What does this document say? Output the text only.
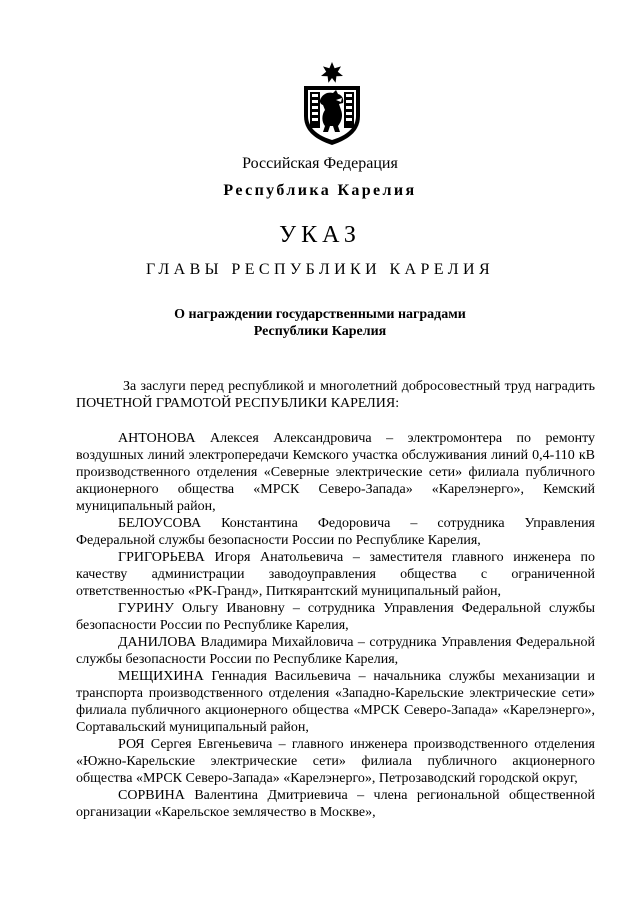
Российская Федерация
Республика Карелия
УКАЗ
ГЛАВЫ РЕСПУБЛИКИ КАРЕЛИЯ
О награждении государственными наградами
Республики Карелия

За заслуги перед республикой и многолетний добросовестный труд наградить ПОЧЕТНОЙ ГРАМОТОЙ РЕСПУБЛИКИ КАРЕЛИЯ:

АНТОНОВА Алексея Александровича – электромонтера по ремонту воздушных линий электропередачи Кемского участка обслуживания линий 0,4-110 кВ производственного отделения «Северные электрические сети» филиала публичного акционерного общества «МРСК Северо-Запада» «Карелэнерго», Кемский муниципальный район,

БЕЛОУСОВА Константина Федоровича – сотрудника Управления Федеральной службы безопасности России по Республике Карелия,

ГРИГОРЬЕВА Игоря Анатольевича – заместителя главного инженера по качеству администрации заводоуправления общества с ограниченной ответственностью «РК-Гранд», Питкярантский муниципальный район,

ГУРИНУ Ольгу Ивановну – сотрудника Управления Федеральной службы безопасности России по Республике Карелия,

ДАНИЛОВА Владимира Михайловича – сотрудника Управления Федеральной службы безопасности России по Республике Карелия,

МЕЩИХИНА Геннадия Васильевича – начальника службы механизации и транспорта производственного отделения «Западно-Карельские электрические сети» филиала публичного акционерного общества «МРСК Северо-Запада» «Карелэнерго», Сортавальский муниципальный район,

РОЯ Сергея Евгеньевича – главного инженера производственного отделения «Южно-Карельские электрические сети» филиала публичного акционерного общества «МРСК Северо-Запада» «Карелэнерго», Петрозаводский городской округ,

СОРВИНА Валентина Дмитриевича – члена региональной общественной организации «Карельское землячество в Москве»,
